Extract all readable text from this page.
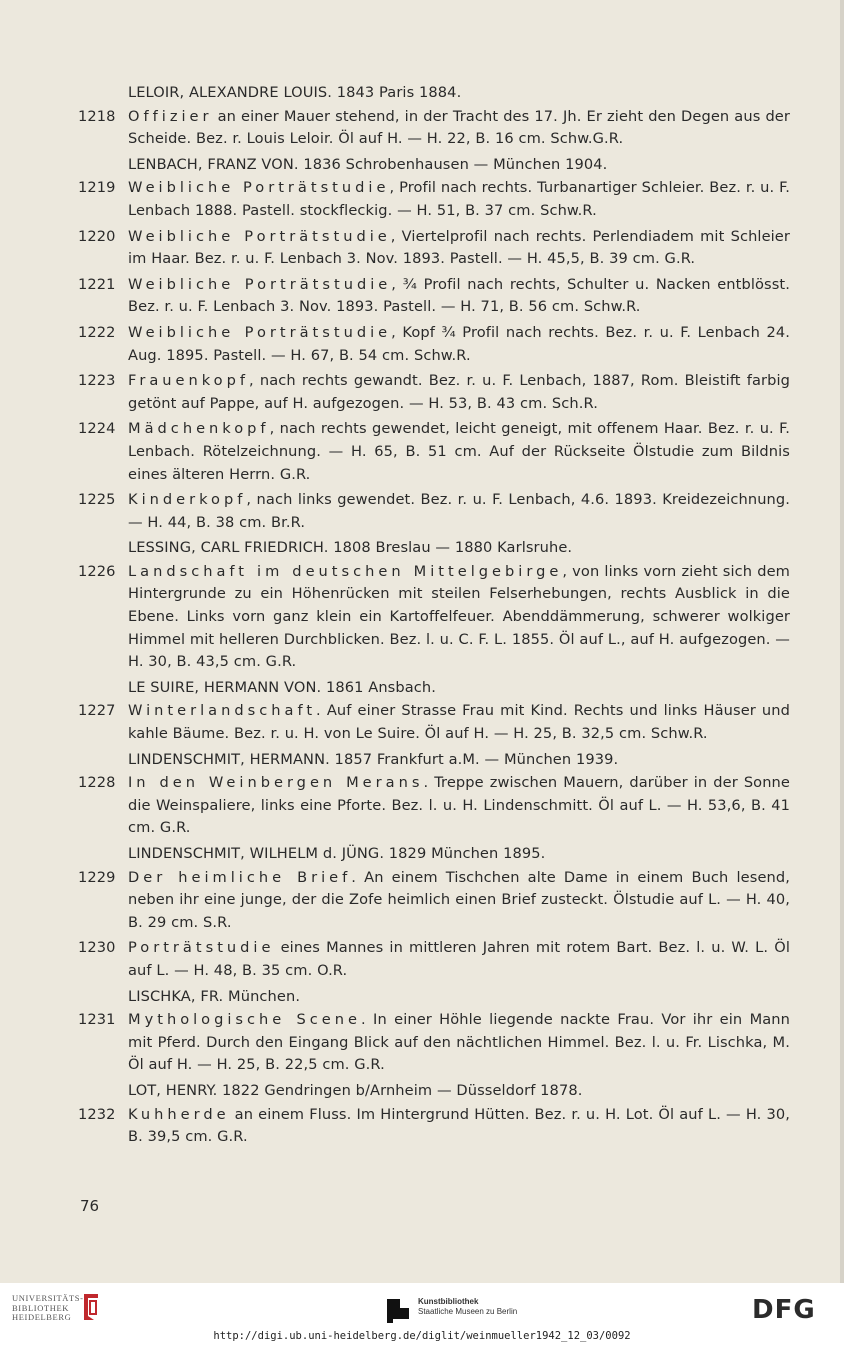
LELOIR, ALEXANDRE LOUIS. 1843 Paris 1884.
1218 Offizier an einer Mauer stehend, in der Tracht des 17. Jh. Er zieht den Degen aus der Scheide. Bez. r. Louis Leloir. Öl auf H. — H. 22, B. 16 cm. Schw.G.R.
LENBACH, FRANZ VON. 1836 Schrobenhausen — München 1904.
1219 Weibliche Porträtstudie, Profil nach rechts. Turbanartiger Schleier. Bez. r. u. F. Lenbach 1888. Pastell. stockfleckig. — H. 51, B. 37 cm. Schw.R.
1220 Weibliche Porträtstudie, Viertelprofil nach rechts. Perlendiadem mit Schleier im Haar. Bez. r. u. F. Lenbach 3. Nov. 1893. Pastell. — H. 45,5, B. 39 cm. G.R.
1221 Weibliche Porträtstudie, ¾ Profil nach rechts, Schulter u. Nacken entblösst. Bez. r. u. F. Lenbach 3. Nov. 1893. Pastell. — H. 71, B. 56 cm. Schw.R.
1222 Weibliche Porträtstudie, Kopf ¾ Profil nach rechts. Bez. r. u. F. Lenbach 24. Aug. 1895. Pastell. — H. 67, B. 54 cm. Schw.R.
1223 Frauenkopf, nach rechts gewandt. Bez. r. u. F. Lenbach, 1887, Rom. Bleistift farbig getönt auf Pappe, auf H. aufgezogen. — H. 53, B. 43 cm. Sch.R.
1224 Mädchenkopf, nach rechts gewendet, leicht geneigt, mit offenem Haar. Bez. r. u. F. Lenbach. Rötelzeichnung. — H. 65, B. 51 cm. Auf der Rückseite Ölstudie zum Bildnis eines älteren Herrn. G.R.
1225 Kinderkopf, nach links gewendet. Bez. r. u. F. Lenbach, 4.6. 1893. Kreidezeichnung. — H. 44, B. 38 cm. Br.R.
LESSING, CARL FRIEDRICH. 1808 Breslau — 1880 Karlsruhe.
1226 Landschaft im deutschen Mittelgebirge, von links vorn zieht sich dem Hintergrunde zu ein Höhenrücken mit steilen Felserhebungen, rechts Ausblick in die Ebene. Links vorn ganz klein ein Kartoffelfeuer. Abenddämmerung, schwerer wolkiger Himmel mit helleren Durchblicken. Bez. l. u. C. F. L. 1855. Öl auf L., auf H. aufgezogen. — H. 30, B. 43,5 cm. G.R.
LE SUIRE, HERMANN VON. 1861 Ansbach.
1227 Winterlandschaft. Auf einer Strasse Frau mit Kind. Rechts und links Häuser und kahle Bäume. Bez. r. u. H. von Le Suire. Öl auf H. — H. 25, B. 32,5 cm. Schw.R.
LINDENSCHMIT, HERMANN. 1857 Frankfurt a.M. — München 1939.
1228 In den Weinbergen Merans. Treppe zwischen Mauern, darüber in der Sonne die Weinspaliere, links eine Pforte. Bez. l. u. H. Lindenschmitt. Öl auf L. — H. 53,6, B. 41 cm. G.R.
LINDENSCHMIT, WILHELM d. JÜNG. 1829 München 1895.
1229 Der heimliche Brief. An einem Tischchen alte Dame in einem Buch lesend, neben ihr eine junge, der die Zofe heimlich einen Brief zusteckt. Ölstudie auf L. — H. 40, B. 29 cm. S.R.
1230 Porträtstudie eines Mannes in mittleren Jahren mit rotem Bart. Bez. l. u. W. L. Öl auf L. — H. 48, B. 35 cm. O.R.
LISCHKA, FR. München.
1231 Mythologische Scene. In einer Höhle liegende nackte Frau. Vor ihr ein Mann mit Pferd. Durch den Eingang Blick auf den nächtlichen Himmel. Bez. l. u. Fr. Lischka, M. Öl auf H. — H. 25, B. 22,5 cm. G.R.
LOT, HENRY. 1822 Gendringen b/Arnheim — Düsseldorf 1878.
1232 Kuhherde an einem Fluss. Im Hintergrund Hütten. Bez. r. u. H. Lot. Öl auf L. — H. 30, B. 39,5 cm. G.R.
76
UNIVERSITÄTS-
BIBLIOTHEK
HEIDELBERG
Kunstbibliothek
Staatliche Museen zu Berlin	DFG
http://digi.ub.uni-heidelberg.de/diglit/weinmueller1942_12_03/0092
